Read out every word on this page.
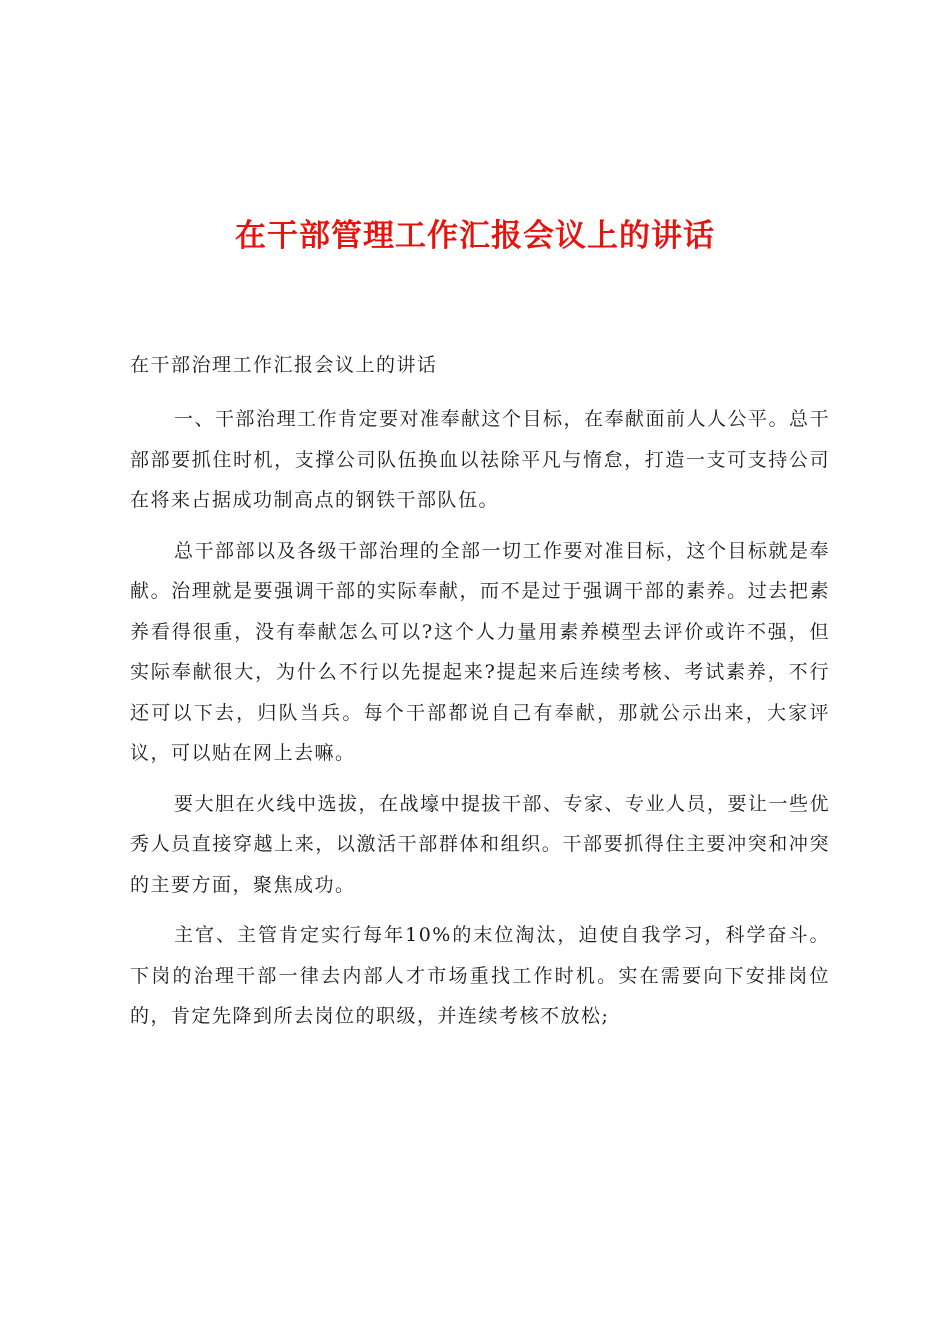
在干部管理工作汇报会议上的讲话

在干部治理工作汇报会议上的讲话

一、干部治理工作肯定要对准奉献这个目标，在奉献面前人人公平。总干部部要抓住时机，支撑公司队伍换血以祛除平凡与惰怠，打造一支可支持公司在将来占据成功制高点的钢铁干部队伍。

总干部部以及各级干部治理的全部一切工作要对准目标，这个目标就是奉献。治理就是要强调干部的实际奉献，而不是过于强调干部的素养。过去把素养看得很重，没有奉献怎么可以?这个人力量用素养模型去评价或许不强，但实际奉献很大，为什么不行以先提起来?提起来后连续考核、考试素养，不行还可以下去，归队当兵。每个干部都说自己有奉献，那就公示出来，大家评议，可以贴在网上去嘛。

要大胆在火线中选拔，在战壕中提拔干部、专家、专业人员，要让一些优秀人员直接穿越上来，以激活干部群体和组织。干部要抓得住主要冲突和冲突的主要方面，聚焦成功。

主官、主管肯定实行每年10%的末位淘汰，迫使自我学习，科学奋斗。下岗的治理干部一律去内部人才市场重找工作时机。实在需要向下安排岗位的，肯定先降到所去岗位的职级，并连续考核不放松;
